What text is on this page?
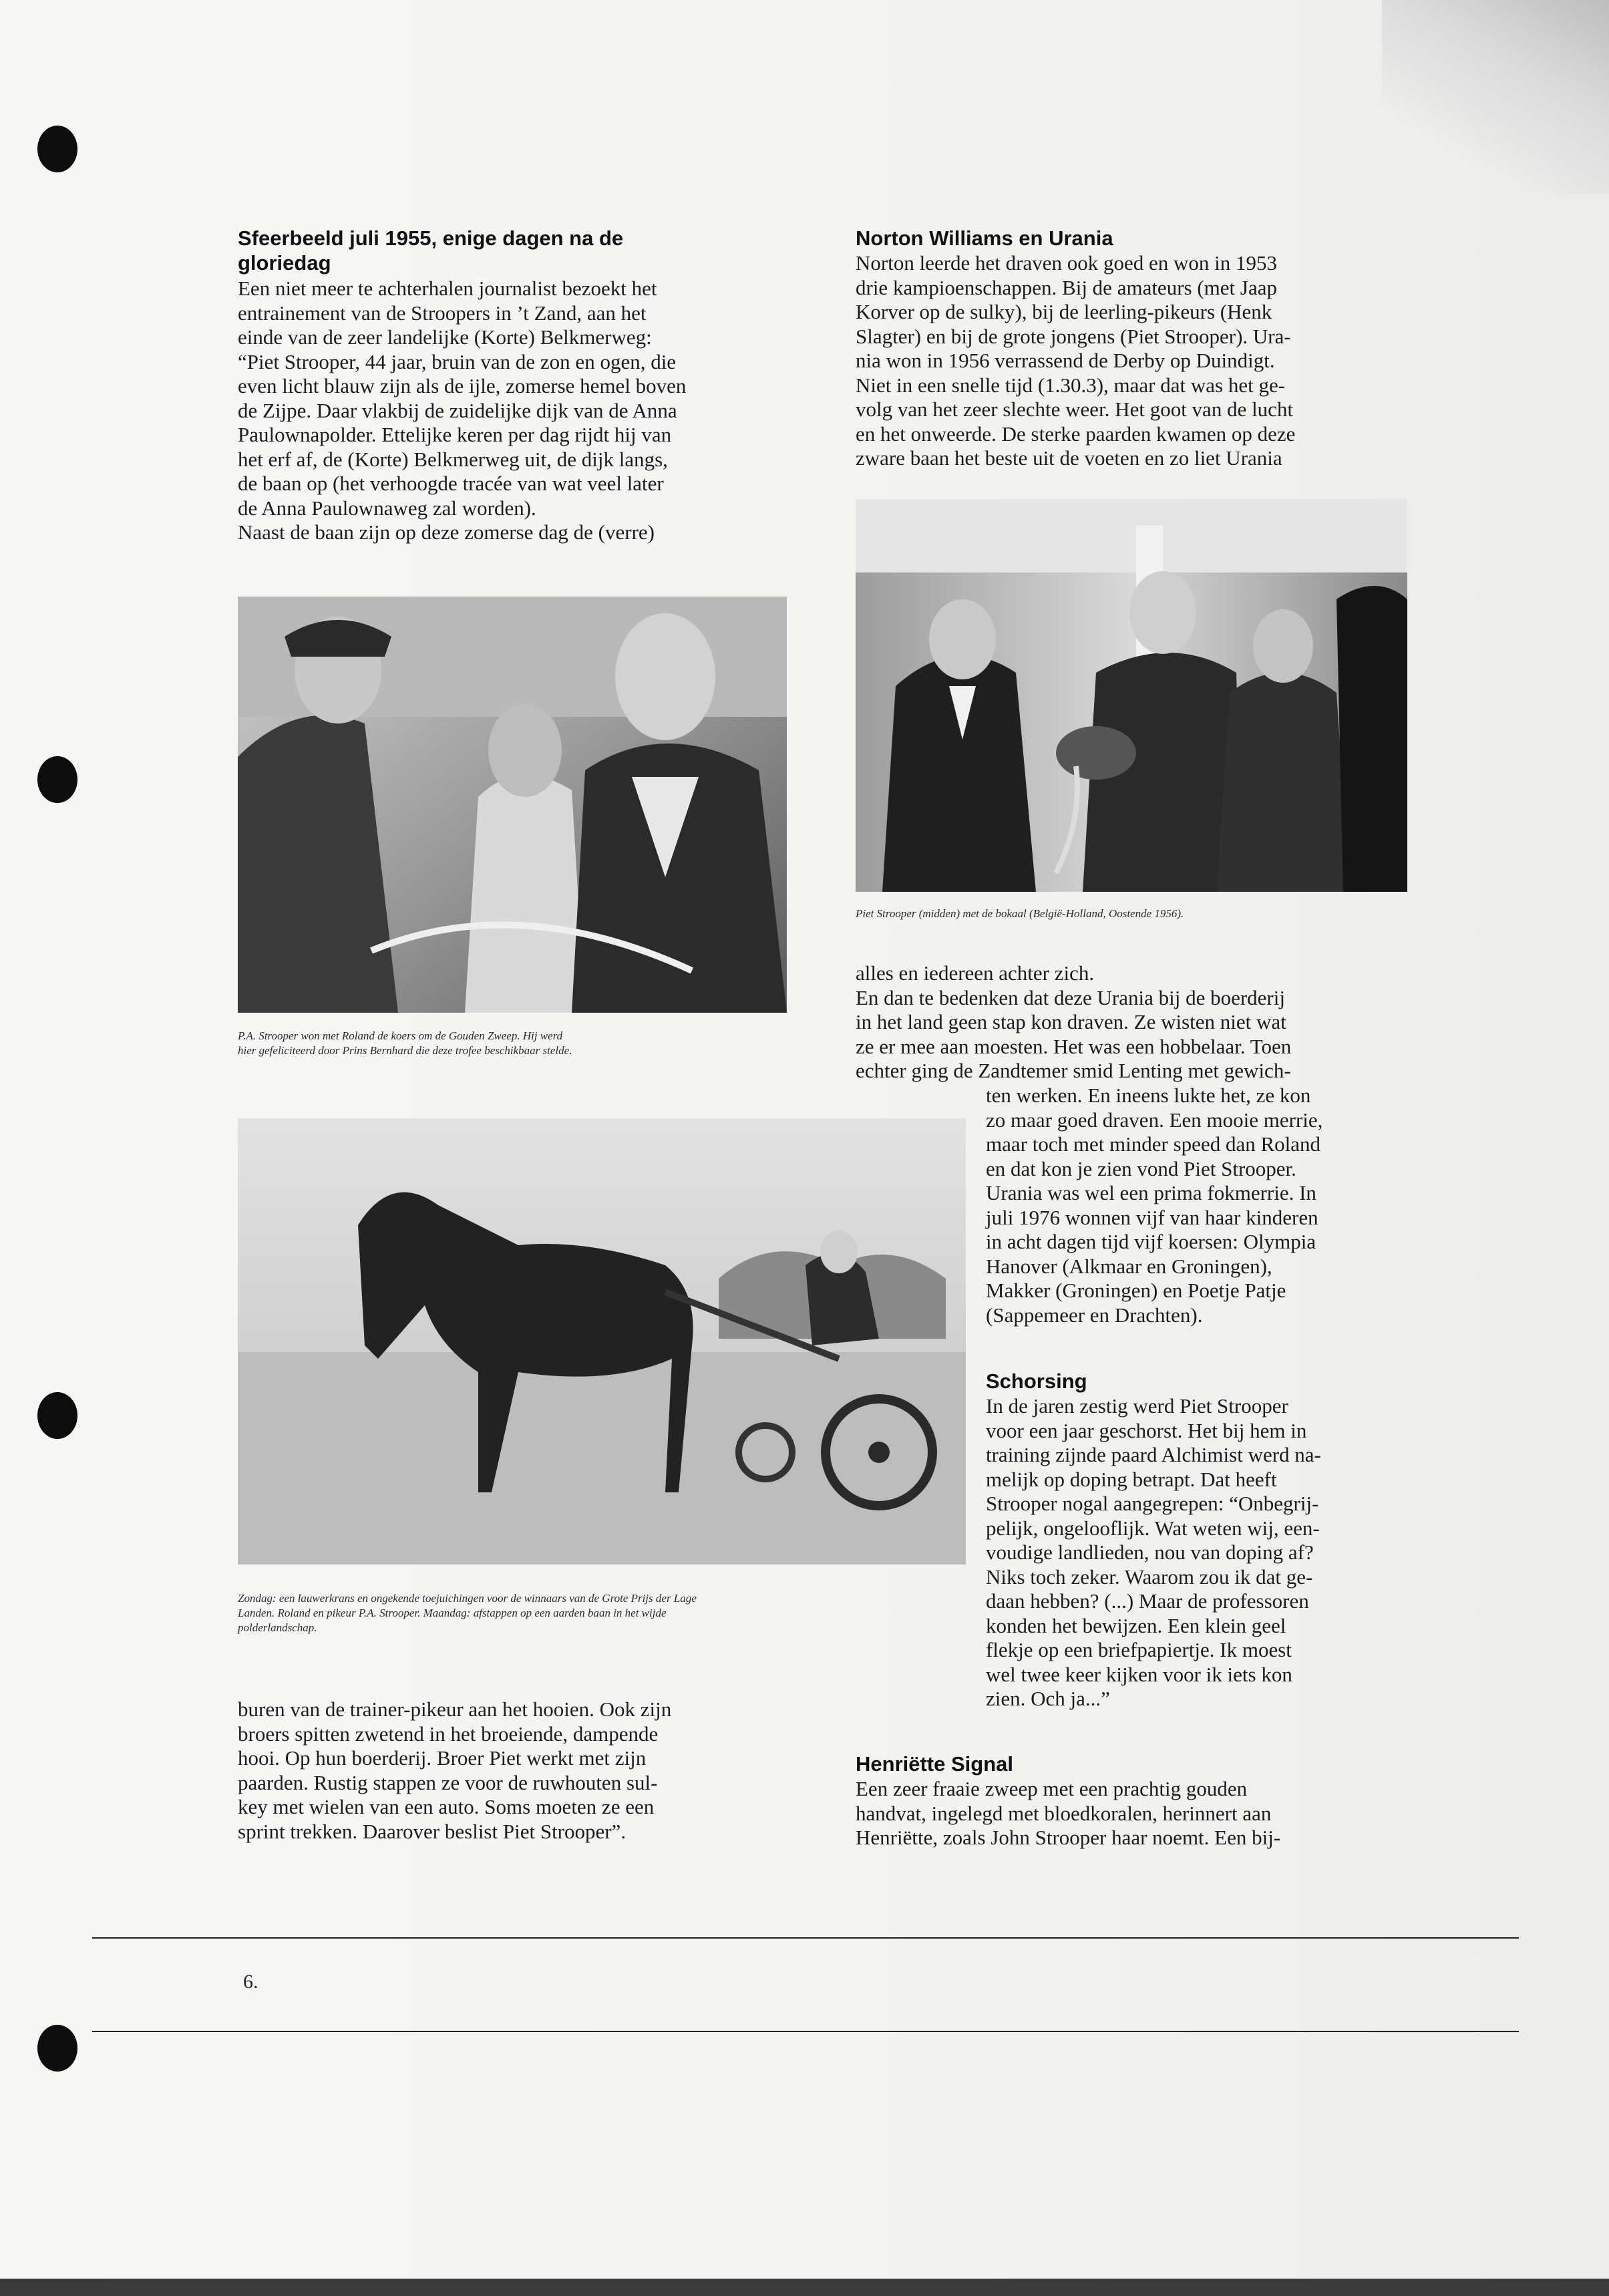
Sfeerbeeld juli 1955, enige dagen na de
gloriedag
Een niet meer te achterhalen journalist bezoekt het
entrainement van de Stroopers in ’t Zand, aan het
einde van de zeer landelijke (Korte) Belkmerweg:
“Piet Strooper, 44 jaar, bruin van de zon en ogen, die
even licht blauw zijn als de ijle, zomerse hemel boven
de Zijpe. Daar vlakbij de zuidelijke dijk van de Anna
Paulownapolder. Ettelijke keren per dag rijdt hij van
het erf af, de (Korte) Belkmerweg uit, de dijk langs,
de baan op (het verhoogde tracée van wat veel later
de Anna Paulownaweg zal worden).
Naast de baan zijn op deze zomerse dag de (verre)
P.A. Strooper won met Roland de koers om de Gouden Zweep. Hij werd
hier gefeliciteerd door Prins Bernhard die deze trofee beschikbaar stelde.
Zondag: een lauwerkrans en ongekende toejuichingen voor de winnaars van de Grote Prijs der Lage
Landen. Roland en pikeur P.A. Strooper. Maandag: afstappen op een aarden baan in het wijde
polderlandschap.
buren van de trainer-pikeur aan het hooien. Ook zijn
broers spitten zwetend in het broeiende, dampende
hooi. Op hun boerderij. Broer Piet werkt met zijn
paarden. Rustig stappen ze voor de ruwhouten sul-
key met wielen van een auto. Soms moeten ze een
sprint trekken. Daarover beslist Piet Strooper”.
Norton Williams en Urania
Norton leerde het draven ook goed en won in 1953
drie kampioenschappen. Bij de amateurs (met Jaap
Korver op de sulky), bij de leerling-pikeurs (Henk
Slagter) en bij de grote jongens (Piet Strooper). Ura-
nia won in 1956 verrassend de Derby op Duindigt.
Niet in een snelle tijd (1.30.3), maar dat was het ge-
volg van het zeer slechte weer. Het goot van de lucht
en het onweerde. De sterke paarden kwamen op deze
zware baan het beste uit de voeten en zo liet Urania
Piet Strooper (midden) met de bokaal (België-Holland, Oostende 1956).
alles en iedereen achter zich.
En dan te bedenken dat deze Urania bij de boerderij
in het land geen stap kon draven. Ze wisten niet wat
ze er mee aan moesten. Het was een hobbelaar. Toen
echter ging de Zandtemer smid Lenting met gewich-
ten werken. En ineens lukte het, ze kon
zo maar goed draven. Een mooie merrie,
maar toch met minder speed dan Roland
en dat kon je zien vond Piet Strooper.
Urania was wel een prima fokmerrie. In
juli 1976 wonnen vijf van haar kinderen
in acht dagen tijd vijf koersen: Olympia
Hanover (Alkmaar en Groningen),
Makker (Groningen) en Poetje Patje
(Sappemeer en Drachten).
Schorsing
In de jaren zestig werd Piet Strooper
voor een jaar geschorst. Het bij hem in
training zijnde paard Alchimist werd na-
melijk op doping betrapt. Dat heeft
Strooper nogal aangegrepen: “Onbegrij-
pelijk, ongelooflijk. Wat weten wij, een-
voudige landlieden, nou van doping af?
Niks toch zeker. Waarom zou ik dat ge-
daan hebben? (...) Maar de professoren
konden het bewijzen. Een klein geel
flekje op een briefpapiertje. Ik moest
wel twee keer kijken voor ik iets kon
zien. Och ja...”
Henriëtte Signal
Een zeer fraaie zweep met een prachtig gouden
handvat, ingelegd met bloedkoralen, herinnert aan
Henriëtte, zoals John Strooper haar noemt. Een bij-
6.
